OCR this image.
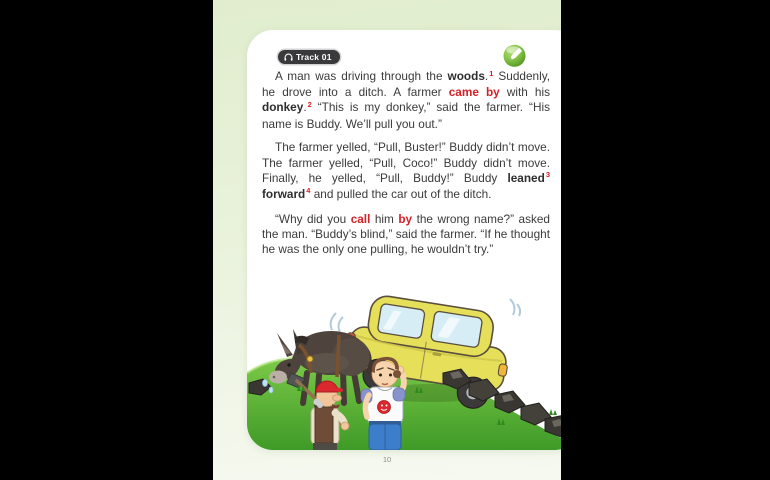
Track 01

A man was driving through the woods.$^1$ Suddenly, he drove into a ditch. A farmer came by with his donkey.$^2$ “This is my donkey,” said the farmer. “His name is Buddy. We’ll pull you out.”

The farmer yelled, “Pull, Buster!” Buddy didn’t move. The farmer yelled, “Pull, Coco!” Buddy didn’t move. Finally, he yelled, “Pull, Buddy!” Buddy leaned$^3$ forward$^4$ and pulled the car out of the ditch.

“Why did you call him by the wrong name?” asked the man. “Buddy’s blind,” said the farmer. “If he thought he was the only one pulling, he wouldn’t try.”

10
